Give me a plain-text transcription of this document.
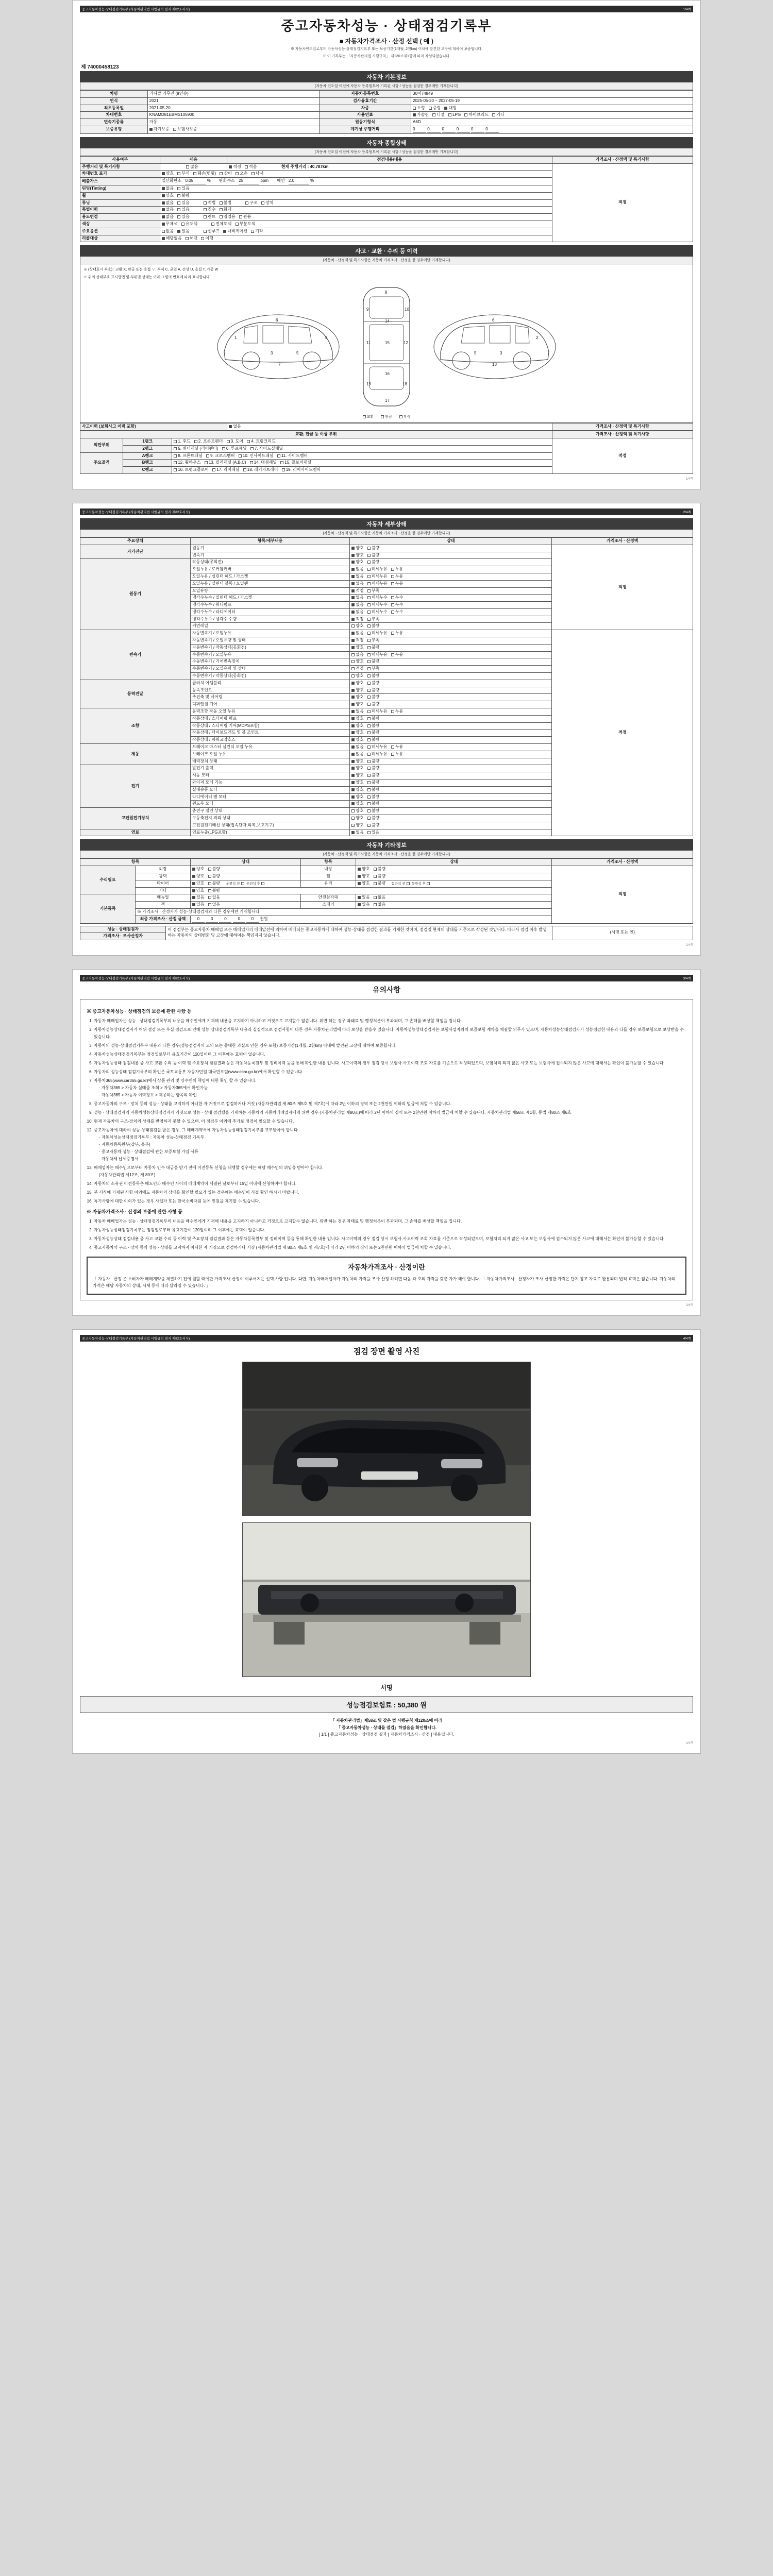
중고자동차성능·상태점검기록부 (자동차관리법 시행규칙 별지 제82호서식)	1/4쪽
중고자동차성능 · 상태점검기록부
■ 자동차가격조사 · 산정 선택 ( 예 )
※ 자동차인도일로부터 자동차성능·상태점검기록부 또는 보증기간(1개월, 2천km) 이내에 발견된 고장에 대하여 보증합니다.
※ 이 기록부는 「자동차관리법 시행규칙」 제120조제1항에 따라 작성되었습니다.
제 74000458123
자동차 기본정보
(자동차 인도일 이전에 자동차 등록원부에 기록된 사항 / 성능을 점검한 경우에만 기재합니다)
차명	카니발 리무진 (9인승)	자동차등록번호	30어74849
연식	2021	검사유효기간	2025-05-20 ~ 2027-05-19
최초등록일	2021-05-20	차종	소형 중형 대형
차대번호	KNAMD81EBMS105900	사용연료	가솔린 디젤 LPG 하이브리드 기타
변속기종류	자동	원동기형식	A6D
보증유형	자기보증 보험사보증	계기상 주행거리	0 0 0 0 0 0
자동차 종합상태
(자동차 인도일 이전에 자동차 등록원부에 기록된 사항 / 성능을 점검한 경우에만 기재합니다)
사용여부	내용	점검내용/내용	가격조사 · 산정액 및 특기사항
주행거리 및 특기사항	많음	적정 적음 현재 주행거리 : 40,787km	적정
차대번호 표기	양호 부식 훼손(변형) 상이 오손 낙서		
배출가스	일산화탄소 0.05 % 탄화수소 25 ppm 매연 2.0 %		
틴팅(Tinting)	없음 있음		
휠	양호 불량		
튜닝	없음 있음 적법 불법 구조 장치		
특별이력	없음 있음 침수 화재		
용도변경	없음 있음 렌트 영업용 관용		
색상	무채색 유채색 전체도색 부분도색		
주요옵션	없음 있음 선루프 내비게이션 기타		
리콜대상	해당없음 해당 이행		
사고 · 교환 · 수리 등 이력
(자동차 · 산정액 및 특기사항은 자동차 가격조사 · 산정을 한 경우에만 기재합니다)
※ (상태표시 부호) : 교환 X, 판금 또는 용접 ∨, 부식 C, 균열 A, 손상 U, 흠집 T, 가공 W
※ 위의 상태부호 표시방법 및 부위별 상태는 아래 그림의 번호에 따라 표시합니다.
1
3	5
6
7
4
8
9	10
14
15
11	12
16
17
19	18
2
3
5
6
13
교환	판금	부식
사고이력 (보험사고 이력 포함)	없음	가격조사 · 산정액 및 특기사항
교환, 판금 등 이상 부위			가격조사 · 산정액 및 특기사항
외판부위	1랭크	1. 후드 2. 프론트펜더 3. 도어 4. 트렁크리드	적정
	2랭크	5. 쿼터패널 (리어펜더) 6. 루프패널 7. 사이드실패널	
주요골격	A랭크	8. 프론트패널 9. 크로스멤버 10. 인사이드패널 11. 사이드멤버	
	B랭크	12. 휠하우스 13. 필러패널 (A,B,C) 14. 대쉬패널 15. 플로어패널	
	C랭크	16. 트렁크플로어 17. 리어패널 18. 패키지트레이 19. 리어사이드멤버	
1/4쪽
중고자동차성능·상태점검기록부 (자동차관리법 시행규칙 별지 제82호서식)	2/4쪽
자동차 세부상태
(자동차 · 산정액 및 특기사항은 자동차 가격조사 · 산정을 한 경우에만 기재합니다)
주요장치	항목/세부내용	상태	가격조사 · 산정액
자가진단	원동기	양호 불량	적정
	변속기	양호 불량	
원동기	작동상태(공회전)	양호 불량	
	오일누유 / 로커암커버	없음 미세누유 누유	
	오일누유 / 실린더 헤드 / 가스켓	없음 미세누유 누유	
	오일누유 / 실린더 블록 / 오일팬	없음 미세누유 누유	
	오일유량	적정 부족	
	냉각수누수 / 실린더 헤드 / 가스켓	없음 미세누수 누수	
	냉각수누수 / 워터펌프	없음 미세누수 누수	
	냉각수누수 / 라디에이터	없음 미세누수 누수	
	냉각수누수 / 냉각수 수량	적정 부족	
	커먼레일	양호 불량	
변속기	자동변속기 / 오일누유	없음 미세누유 누유	적정
	자동변속기 / 오일유량 및 상태	적정 부족	
	자동변속기 / 작동상태(공회전)	양호 불량	
	수동변속기 / 오일누유	없음 미세누유 누유	
	수동변속기 / 기어변속장치	양호 불량	
	수동변속기 / 오일유량 및 상태	적정 부족	
	수동변속기 / 작동상태(공회전)	양호 불량	
동력전달	클러치 어셈블리	양호 불량	
	등속조인트	양호 불량	
	추진축 및 베어링	양호 불량	
	디퍼렌셜 기어	양호 불량	
조향	동력조향 작동 오일 누유	없음 미세누유 누유	
	작동상태 / 스티어링 펌프	양호 불량	
	작동상태 / 스티어링 기어(MDPS포함)	양호 불량	
	작동상태 / 타이로드엔드 및 볼 조인트	양호 불량	
	작동상태 / 파워고압호스	양호 불량	
제동	브레이크 마스터 실린더 오일 누유	없음 미세누유 누유	
	브레이크 오일 누유	없음 미세누유 누유	
	배력장치 상태	양호 불량	
전기	발전기 출력	양호 불량	
	시동 모터	양호 불량	
	와이퍼 모터 기능	양호 불량	
	실내송풍 모터	양호 불량	
	라디에이터 팬 모터	양호 불량	
	윈도우 모터	양호 불량	
고전원전기장치	충전구 절연 상태	양호 불량	
	구동축전지 격리 상태	양호 불량	
	고전원전기배선 상태(접속단자,피복,보호기구)	양호 불량	
연료	연료누출(LPG포함)	없음 있음	
자동차 기타정보
(자동차 · 산정액 및 특기사항은 자동차 가격조사 · 산정을 한 경우에만 기재합니다)
항목		상태	항목	상태	가격조사 · 산정액
수리필요	외장	양호 불량	내장	양호 불량	적정
	광택	양호 불량	휠	양호 불량	
	타이어	양호 불량 운전석 전 운전석 후	유리	양호 불량 동반석 전 동반석 후	
	기타	양호 불량			
기본품목	매뉴얼	있음 없음	안전삼각대	있음 없음	
	잭	있음 없음	스패너	있음 없음	
	※ 가격조사 · 산정자가 성능·상태점검자와 다른 경우에만 기재합니다.				
	최종 가격조사 · 산정 금액	0 0 0 0 0 천원			
성능 · 상태점검자	이 점검부는 중고자동차 매매업 또는 매매업자의 매매알선에 의하여 매매되는 중고자동차에 대하여 성능·상태를 점검한 결과를 기재한 것이며, 점검일 현재의 상태를 기준으로 작성된 것입니다. 따라서 점검 이후 발생하는 자동차의 상태변화 및 고장에 대하여는 책임지지 않습니다.	(서명 또는 인)
가격조사 · 조사산정자
2/4쪽
중고자동차성능·상태점검기록부 (자동차관리법 시행규칙 별지 제82호서식)	3/4쪽
유의사항
※ 중고자동차성능 · 상태점검의 보증에 관한 사항 등
1. 자동차 매매업자는 성능 · 상태점검기록부의 내용을 매수인에게 기재해 내용을 고지하기 아니하고 거짓으로 고지할수 없습니다. 위반 하는 경우 과태료 및 행정처분이 부과되며, 그 손해를 배상할 책임을 집니다.
2. 자동차성능상태점검자가 허위 점검 또는 부실 점검으로 인해 성능·상태점검기록부 내용과 실질적으로 점검사항이 다른 경우 자동차관리법에 따라 보상을 받을수 있습니다. 자동차성능상태점검자는 보험사업자와의 보증보험 계약을 체결할 의무가 있으며, 자동차성능상태점검자가 성능점검한 내용과 다를 경우 보증보험으로 보상받을 수 있습니다.
3. 자동차의 성능·상태점검기록부 내용과 다른 경우(성능점검자의 고의 또는 중대한 과실로 인한 경우 포함) 보증기간(1개월, 2천km) 이내에 발견된 고장에 대하여 보증합니다.
4. 자동차성능상태점검기록부는 점검일로부터 유효기간이 120일이며 그 이후에는 효력이 없습니다.
5. 자동차성능상태 점검내용 중 사고·교환·수리 등 이력 및 주요장치 점검결과 등은 자동차등록원부 및 정비이력 등을 통해 확인한 내용 입니다. 사고이력의 경우 점검 당시 보험사 사고이력 조회 자료를 기준으로 작성되었으며, 보험처리 되지 않은 사고 또는 보험사에 접수되지 않은 사고에 대해서는 확인이 불가능할 수 있습니다.
6. 자동차의 성능상태 점검기록부의 확인은 국토교통부 자동차민원 대국민포털(www.ecar.go.kr)에서 확인할 수 있습니다.
7. 자동차365(www.car365.go.kr)에서 상품 관리 및 양수인의 책임에 대한 확인 할 수 있습니다.
· 자동차365 > 자동차 실매물 조회 > 자동차365에서 확인가능
· 자동차365 > 자동차 이력정보 > 제공하는 항목의 확인
8. 중고자동차의 구조 · 장치 등의 성능 · 상태를 고지하지 아니한 자 거짓으로 점검하거나 거짓 (자동차관리법 제 80조 제5호 및 제7호)에 따라 2년 이하의 징역 또는 2천만원 이하의 벌금에 처할 수 있습니다.
9. 성능 · 상태점검자의 자동차성능상태점검자가 거짓으로 성능 · 상태 점검했을 기재하는 자동차의 자동차매매업자에게 위반 경우 (자동차관리법 제80조)에 따라 2년 이하의 징역 또는 2천만원 이하의 벌금에 처할 수 있습니다. 자동차관리법 제58조 제1항, 동법 제80조 제6호
10. 현재 자동차의 구조·장치의 상태를 반영하지 못할 수 있으며, 이 점검부 이외에 추가로 점검이 필요할 수 있습니다.
12. 중고자동차에 대하여 성능·상태점검을 받은 경우, 그 매매계약서에 자동차성능상태점검기록부를 교부받아야 합니다.
· 자동차성능상태점검기록부 : 자동차 성능·상태점검 기록부
· 자동차등록원부(갑부, 을부)
· 중고자동차 성능 · 상태점검에 관한 보증보험 가입 서류
· 자동차세 납세증명서
13. 매매업자는 매수인으로부터 자동차 인수 대금을 받기 전에 이전등록 신청을 대행할 경우에는 해당 매수인의 위임을 받아야 합니다.
(자동차관리법 제12조, 제 80조)
14. 자동차의 소유권 이전등록은 매도인과 매수인 사이의 매매계약이 체결된 날로부터 15일 이내에 신청하여야 합니다.
15. 본 서식에 기재된 사항 이외에도 자동차의 상태를 확인할 필요가 있는 경우에는 매수인이 직접 확인 하시기 바랍니다.
16. 특기사항에 대한 이의가 있는 경우 사업자 또는 한국소비자원 등에 민원을 제기할 수 있습니다.
※ 자동차가격조사 · 산정의 보증에 관한 사항 등
1. 자동차 매매업자는 성능 · 상태점검기록부의 내용을 매수인에게 기재해 내용을 고지하기 아니하고 거짓으로 고지할수 없습니다. 위반 하는 경우 과태료 및 행정처분이 부과되며, 그 손해를 배상할 책임을 집니다.
2. 자동차성능상태점검기록부는 점검일로부터 유효기간이 120일이며 그 이후에는 효력이 없습니다.
3. 자동차성능상태 점검내용 중 사고·교환·수리 등 이력 및 주요장치 점검결과 등은 자동차등록원부 및 정비이력 등을 통해 확인한 내용 입니다. 사고이력의 경우 점검 당시 보험사 사고이력 조회 자료를 기준으로 작성되었으며, 보험처리 되지 않은 사고 또는 보험사에 접수되지 않은 사고에 대해서는 확인이 불가능할 수 있습니다.
4. 중고자동차의 구조 · 장치 등의 성능 · 상태를 고지하지 아니한 자 거짓으로 점검하거나 거짓 (자동차관리법 제 80조 제5호 및 제7호)에 따라 2년 이하의 징역 또는 2천만원 이하의 벌금에 처할 수 있습니다.
자동차가격조사 · 산정이란
「 자동차 · 산정 은 소비자가 매매계약을 체결하기 전에 원할 때에만 가격조사·산정이 이루어지는 선택 사항 입니다. 다만, 자동차매매업자가 자동차의 가격을 조사·산정 하려면 다음 각 호의 자격을 갖춘 자가 해야 합니다. 「 자동차가격조사 · 산정자가 조사·산정한 가격은 단지 참고 자료로 활용되며 법적 효력은 없습니다. 자동차의 가격은 해당 자동차의 상태, 시세 등에 따라 달라질 수 있습니다. 」
3/4쪽
중고자동차성능·상태점검기록부 (자동차관리법 시행규칙 별지 제82호서식)	4/4쪽
점검 장면 촬영 사진
서명
성능점검보험료 : 50,380 원
「 자동차관리법」제58조 및 같은 법 시행규칙 제120조에 따라
「 중고자동차성능 · 상태를 점검」하였음을 확인합니다.
[ 1/1 ] 중고자동차성능 · 상태점검 결과 [ 자동차가격조사 · 산정 ] 내용입니다.
4/4쪽
